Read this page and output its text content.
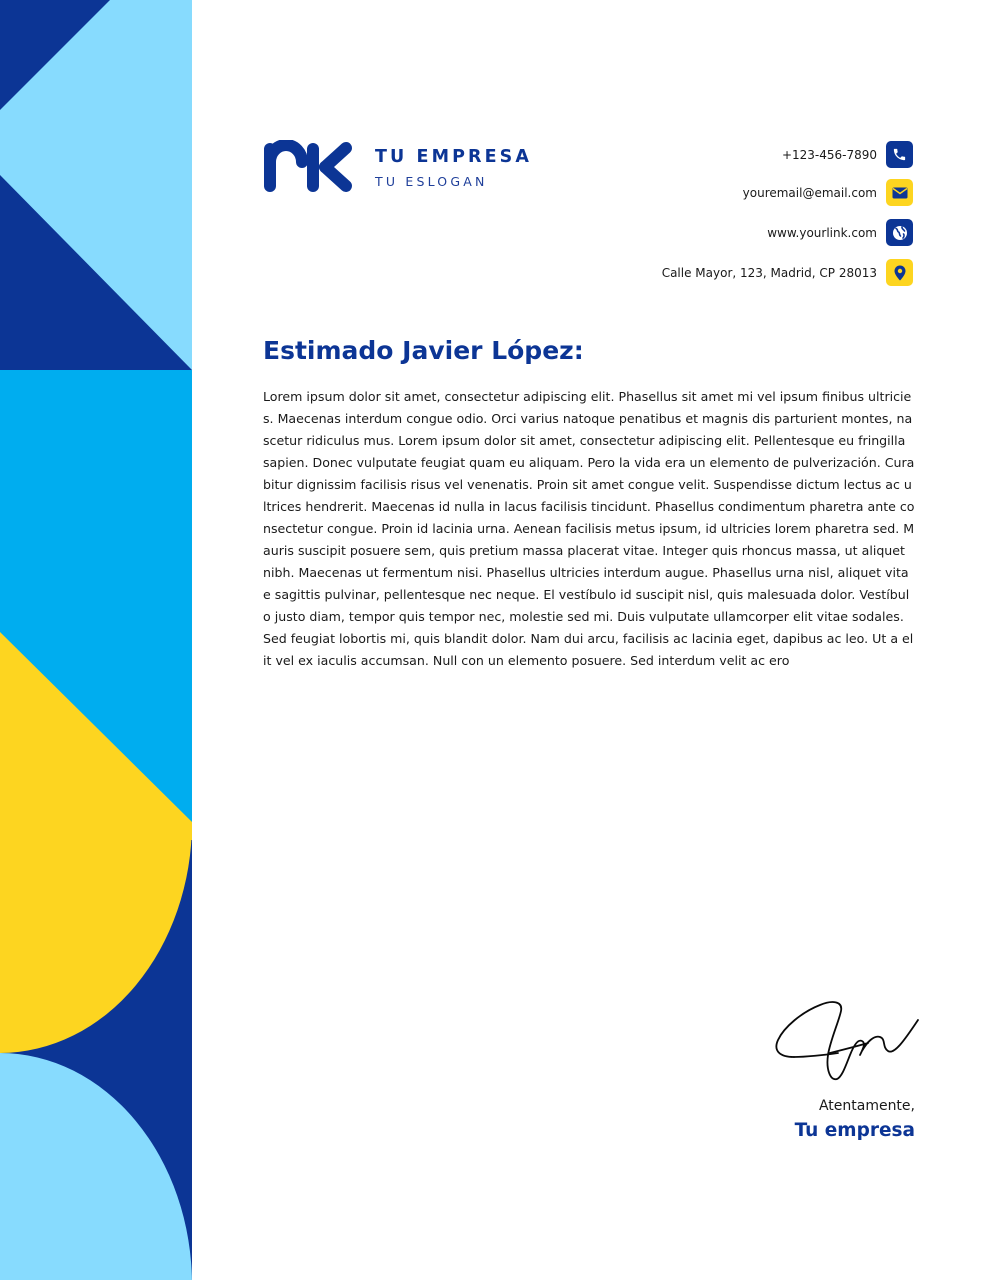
TU EMPRESA
TU ESLOGAN
+123-456-7890
youremail@email.com
www.yourlink.com
Calle Mayor, 123, Madrid, CP 28013
Estimado Javier López:

Lorem ipsum dolor sit amet, consectetur adipiscing elit. Phasellus sit amet mi vel ipsum finibus ultricies. Maecenas interdum congue odio. Orci varius natoque penatibus et magnis dis parturient montes, nascetur ridiculus mus. Lorem ipsum dolor sit amet, consectetur adipiscing elit. Pellentesque eu fringilla sapien. Donec vulputate feugiat quam eu aliquam. Pero la vida era un elemento de pulverización. Curabitur dignissim facilisis risus vel venenatis. Proin sit amet congue velit. Suspendisse dictum lectus ac ultrices hendrerit. Maecenas id nulla in lacus facilisis tincidunt. Phasellus condimentum pharetra ante consectetur congue. Proin id lacinia urna. Aenean facilisis metus ipsum, id ultricies lorem pharetra sed. Mauris suscipit posuere sem, quis pretium massa placerat vitae. Integer quis rhoncus massa, ut aliquet nibh. Maecenas ut fermentum nisi. Phasellus ultricies interdum augue. Phasellus urna nisl, aliquet vitae sagittis pulvinar, pellentesque nec neque. El vestíbulo id suscipit nisl, quis malesuada dolor. Vestíbulo justo diam, tempor quis tempor nec, molestie sed mi. Duis vulputate ullamcorper elit vitae sodales. Sed feugiat lobortis mi, quis blandit dolor. Nam dui arcu, facilisis ac lacinia eget, dapibus ac leo. Ut a elit vel ex iaculis accumsan. Null con un elemento posuere. Sed interdum velit ac ero

Atentamente,
Tu empresa
